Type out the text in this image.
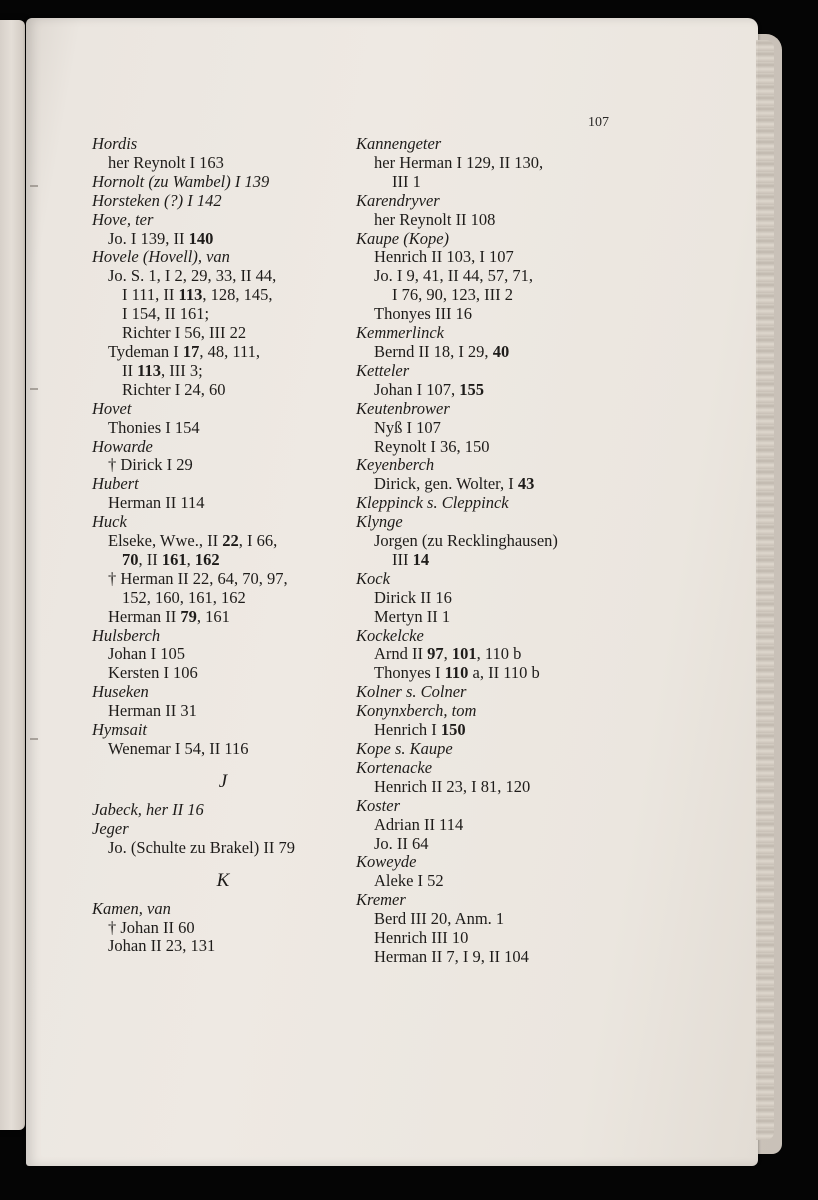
107
Hordis
her Reynolt I 163
Hornolt (zu Wambel) I 139
Horsteken (?) I 142
Hove, ter
Jo. I 139, II 140
Hovele (Hovell), van
Jo. S. 1, I 2, 29, 33, II 44,
I 111, II 113, 128, 145,
I 154, II 161;
Richter I 56, III 22
Tydeman I 17, 48, 111,
II 113, III 3;
Richter I 24, 60
Hovet
Thonies I 154
Howarde
† Dirick I 29
Hubert
Herman II 114
Huck
Elseke, Wwe., II 22, I 66,
70, II 161, 162
† Herman II 22, 64, 70, 97,
152, 160, 161, 162
Herman II 79, 161
Hulsberch
Johan I 105
Kersten I 106
Huseken
Herman II 31
Hymsait
Wenemar I 54, II 116
J
Jabeck, her II 16
Jeger
Jo. (Schulte zu Brakel) II 79
K
Kamen, van
† Johan II 60
Johan II 23, 131
Kannengeter
her Herman I 129, II 130,
III 1
Karendryver
her Reynolt II 108
Kaupe (Kope)
Henrich II 103, I 107
Jo. I 9, 41, II 44, 57, 71,
I 76, 90, 123, III 2
Thonyes III 16
Kemmerlinck
Bernd II 18, I 29, 40
Ketteler
Johan I 107, 155
Keutenbrower
Nyß I 107
Reynolt I 36, 150
Keyenberch
Dirick, gen. Wolter, I 43
Kleppinck s. Cleppinck
Klynge
Jorgen (zu Recklinghausen)
III 14
Kock
Dirick II 16
Mertyn II 1
Kockelcke
Arnd II 97, 101, 110 b
Thonyes I 110 a, II 110 b
Kolner s. Colner
Konynxberch, tom
Henrich I 150
Kope s. Kaupe
Kortenacke
Henrich II 23, I 81, 120
Koster
Adrian II 114
Jo. II 64
Koweyde
Aleke I 52
Kremer
Berd III 20, Anm. 1
Henrich III 10
Herman II 7, I 9, II 104
